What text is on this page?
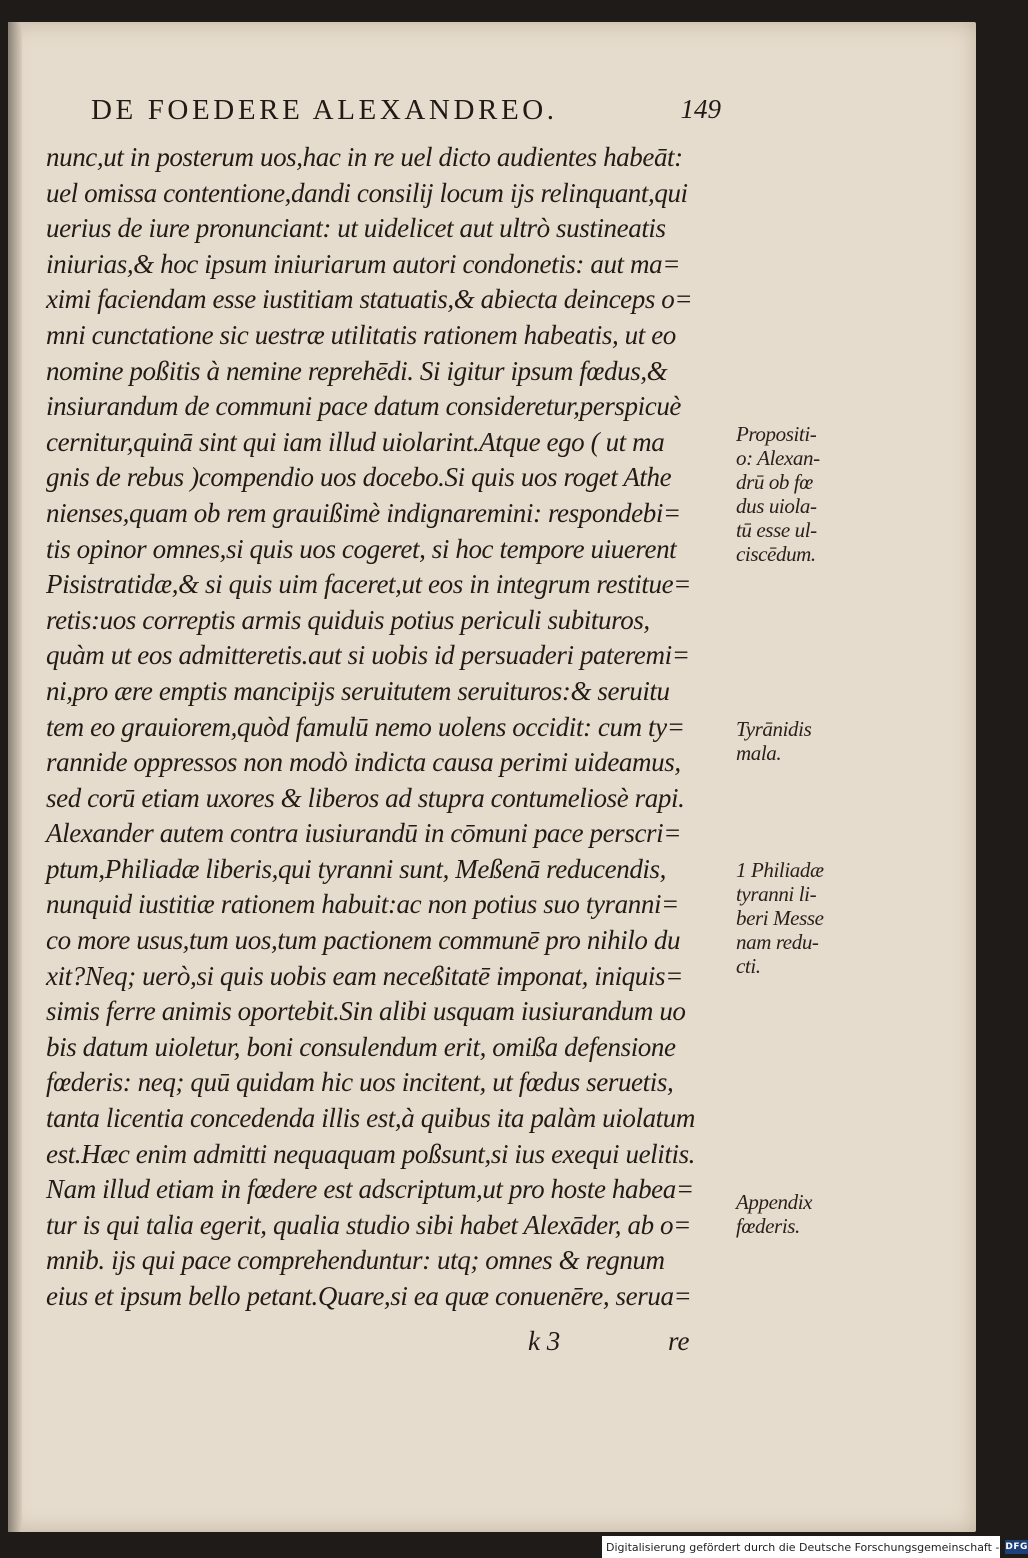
DE FOEDERE ALEXANDREO.	149
nunc,ut in posterum uos,hac in re uel dicto audientes habeāt:
uel omissa contentione,dandi consilij locum ijs relinquant,qui
uerius de iure pronunciant: ut uidelicet aut ultrò sustineatis
iniurias,& hoc ipsum iniuriarum autori condonetis: aut ma=
ximi faciendam esse iustitiam statuatis,& abiecta deinceps o=
mni cunctatione sic uestræ utilitatis rationem habeatis, ut eo
nomine poßitis à nemine reprehēdi. Si igitur ipsum fœdus,&
insiurandum de communi pace datum consideretur,perspicuè
cernitur,quinā sint qui iam illud uiolarint.Atque ego ( ut ma
gnis de rebus )compendio uos docebo.Si quis uos roget Athe
nienses,quam ob rem grauißimè indignaremini: respondebi=
tis opinor omnes,si quis uos cogeret, si hoc tempore uiuerent
Pisistratidæ,& si quis uim faceret,ut eos in integrum restitue=
retis:uos correptis armis quiduis potius periculi subituros,
quàm ut eos admitteretis.aut si uobis id persuaderi pateremi=
ni,pro ære emptis mancipijs seruitutem seruituros:& seruitu
tem eo grauiorem,quòd famulū nemo uolens occidit: cum ty=
rannide oppressos non modò indicta causa perimi uideamus,
sed corū etiam uxores & liberos ad stupra contumeliosè rapi.
Alexander autem contra iusiurandū in cōmuni pace perscri=
ptum,Philiadæ liberis,qui tyranni sunt, Meßenā reducendis,
nunquid iustitiæ rationem habuit:ac non potius suo tyranni=
co more usus,tum uos,tum pactionem communē pro nihilo du
xit?Neq; uerò,si quis uobis eam neceßitatē imponat, iniquis=
simis ferre animis oportebit.Sin alibi usquam iusiurandum uo
bis datum uioletur, boni consulendum erit, omißa defensione
fœderis: neq; quū quidam hic uos incitent, ut fœdus seruetis,
tanta licentia concedenda illis est,à quibus ita palàm uiolatum
est.Hæc enim admitti nequaquam poßsunt,si ius exequi uelitis.
Nam illud etiam in fœdere est adscriptum,ut pro hoste habea=
tur is qui talia egerit, qualia studio sibi habet Alexāder, ab o=
mnib. ijs qui pace comprehenduntur: utq; omnes & regnum
eius et ipsum bello petant.Quare,si ea quæ conuenēre, serua=
Propositi-
o: Alexan-
drū ob fœ
dus uiola-
tū esse ul-
ciscēdum.
Tyrānidis
mala.
1 Philiadæ
tyranni li-
beri Messe
nam redu-
cti.
Appendix
fœderis.
k 3	re
Digitalisierung gefördert durch die Deutsche Forschungsgemeinschaft - DFG
